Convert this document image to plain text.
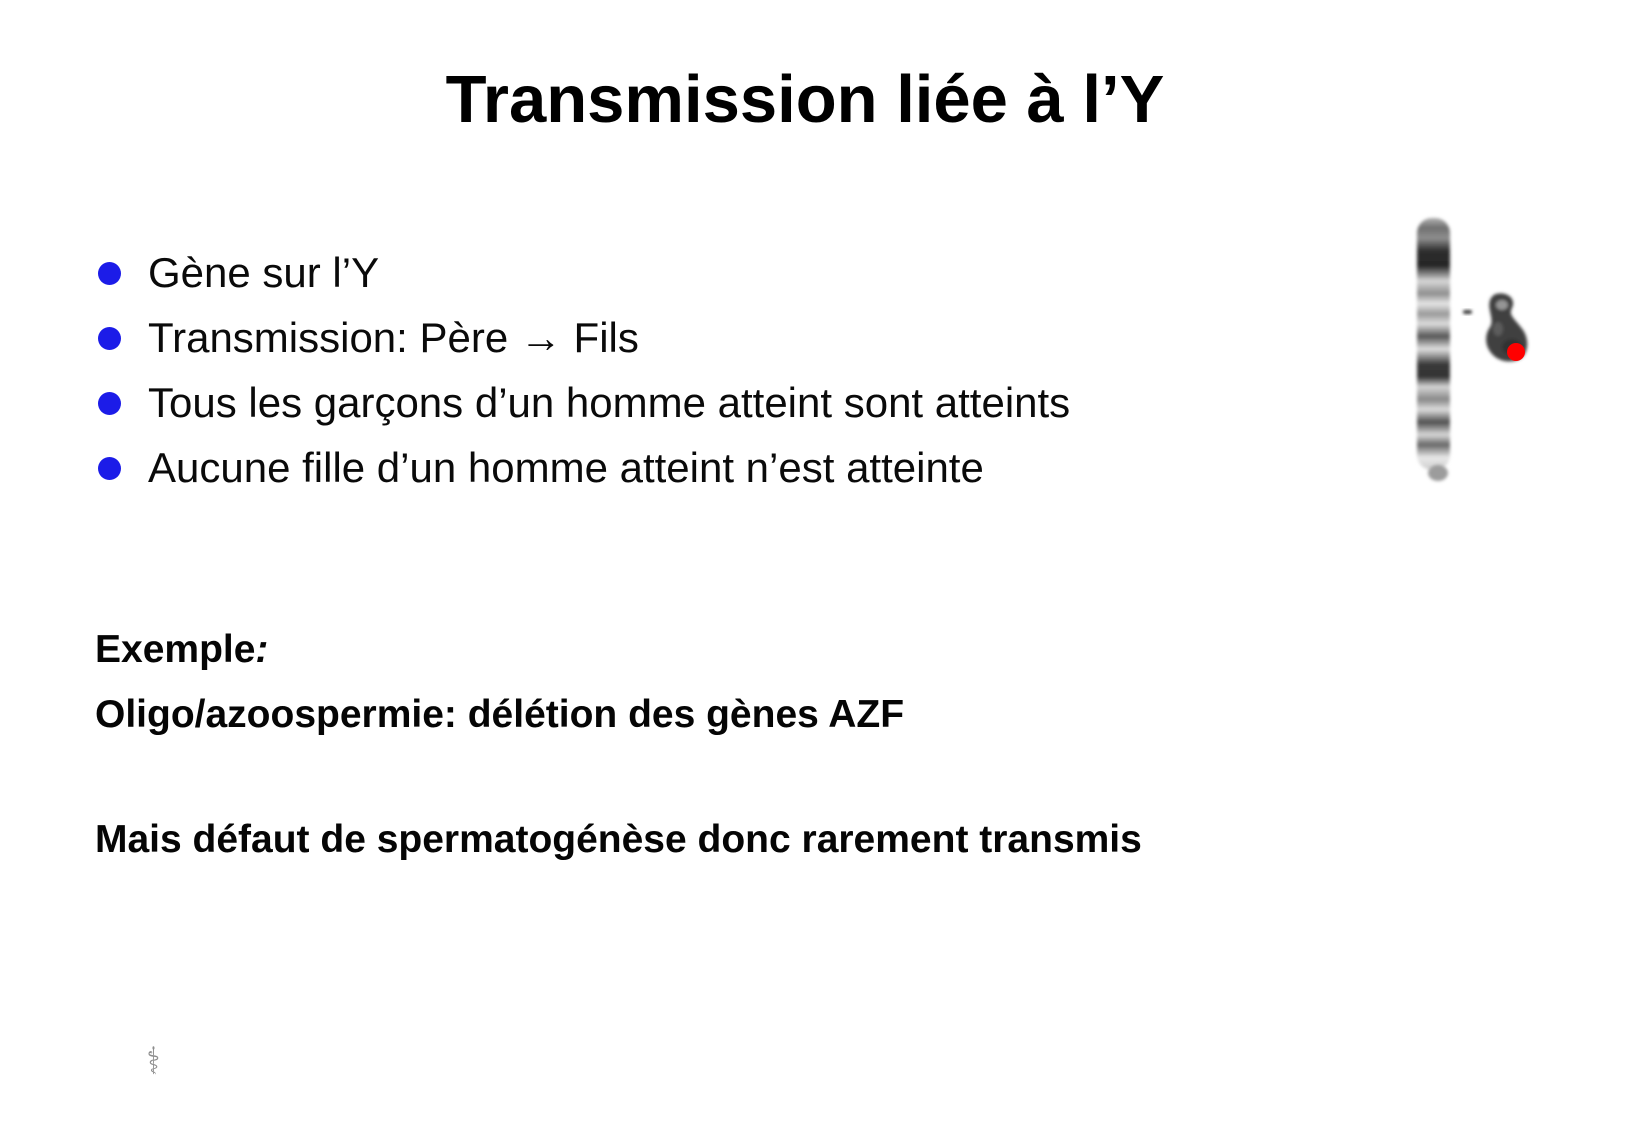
Transmission liée à l’Y
Gène sur l’Y
Transmission: Père → Fils
Tous les garçons d’un homme atteint sont atteints
Aucune fille d’un homme atteint n’est atteinte

Exemple:

Oligo/azoospermie: délétion des gènes AZF

Mais défaut de spermatogénèse donc rarement transmis

⚕
